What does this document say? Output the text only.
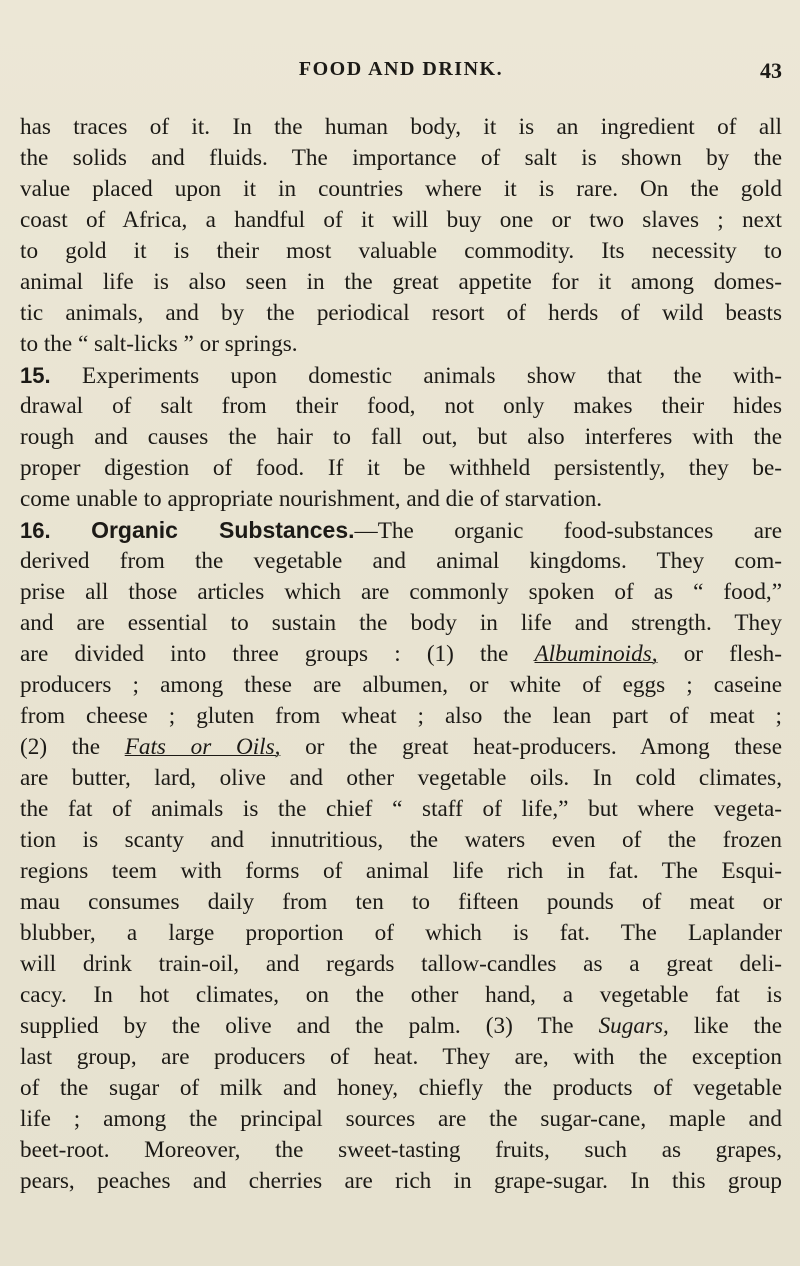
FOOD AND DRINK.	43
has traces of it. In the human body, it is an ingredient of all
the solids and fluids. The importance of salt is shown by the
value placed upon it in countries where it is rare. On the gold
coast of Africa, a handful of it will buy one or two slaves ; next
to gold it is their most valuable commodity. Its necessity to
animal life is also seen in the great appetite for it among domes-
tic animals, and by the periodical resort of herds of wild beasts
to the “ salt-licks ” or springs.
15. Experiments upon domestic animals show that the with-
drawal of salt from their food, not only makes their hides
rough and causes the hair to fall out, but also interferes with the
proper digestion of food. If it be withheld persistently, they be-
come unable to appropriate nourishment, and die of starvation.
16. Organic Substances.—The organic food-substances are
derived from the vegetable and animal kingdoms. They com-
prise all those articles which are commonly spoken of as “ food,”
and are essential to sustain the body in life and strength. They
are divided into three groups : (1) the Albuminoids, or flesh-
producers ; among these are albumen, or white of eggs ; caseine
from cheese ; gluten from wheat ; also the lean part of meat ;
(2) the Fats or Oils, or the great heat-producers. Among these
are butter, lard, olive and other vegetable oils. In cold climates,
the fat of animals is the chief “ staff of life,” but where vegeta-
tion is scanty and innutritious, the waters even of the frozen
regions teem with forms of animal life rich in fat. The Esqui-
mau consumes daily from ten to fifteen pounds of meat or
blubber, a large proportion of which is fat. The Laplander
will drink train-oil, and regards tallow-candles as a great deli-
cacy. In hot climates, on the other hand, a vegetable fat is
supplied by the olive and the palm. (3) The Sugars, like the
last group, are producers of heat. They are, with the exception
of the sugar of milk and honey, chiefly the products of vegetable
life ; among the principal sources are the sugar-cane, maple and
beet-root. Moreover, the sweet-tasting fruits, such as grapes,
pears, peaches and cherries are rich in grape-sugar. In this group
